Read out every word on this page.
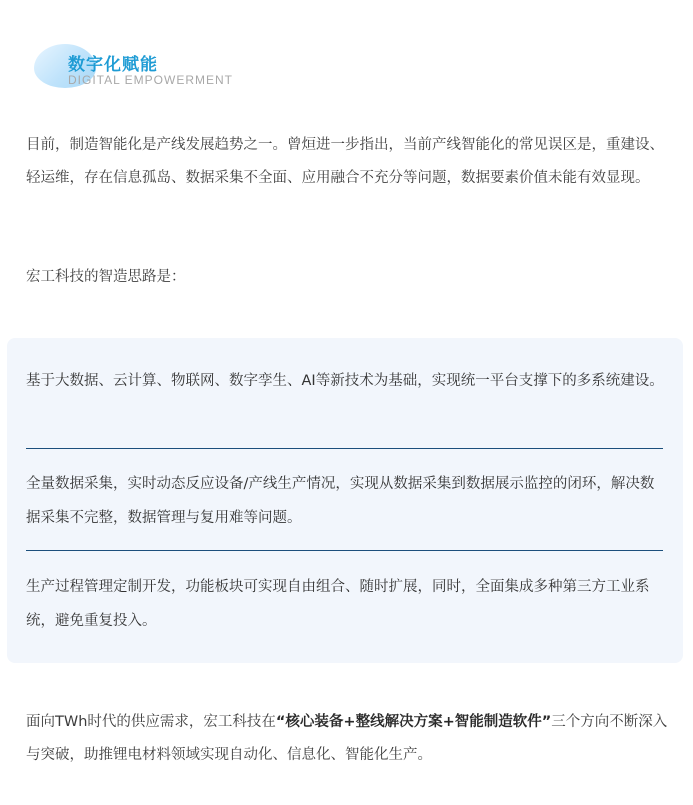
数字化赋能
DIGITAL EMPOWERMENT

目前，制造智能化是产线发展趋势之一。曾烜进一步指出，当前产线智能化的常见误区是，重建设、轻运维，存在信息孤岛、数据采集不全面、应用融合不充分等问题，数据要素价值未能有效显现。

宏工科技的智造思路是：

基于大数据、云计算、物联网、数字孪生、AI等新技术为基础，实现统一平台支撑下的多系统建设。

全量数据采集，实时动态反应设备/产线生产情况，实现从数据采集到数据展示监控的闭环，解决数据采集不完整，数据管理与复用难等问题。

生产过程管理定制开发，功能板块可实现自由组合、随时扩展，同时，全面集成多种第三方工业系统，避免重复投入。

面向TWh时代的供应需求，宏工科技在“核心装备+整线解决方案+智能制造软件”三个方向不断深入与突破，助推锂电材料领域实现自动化、信息化、智能化生产。
